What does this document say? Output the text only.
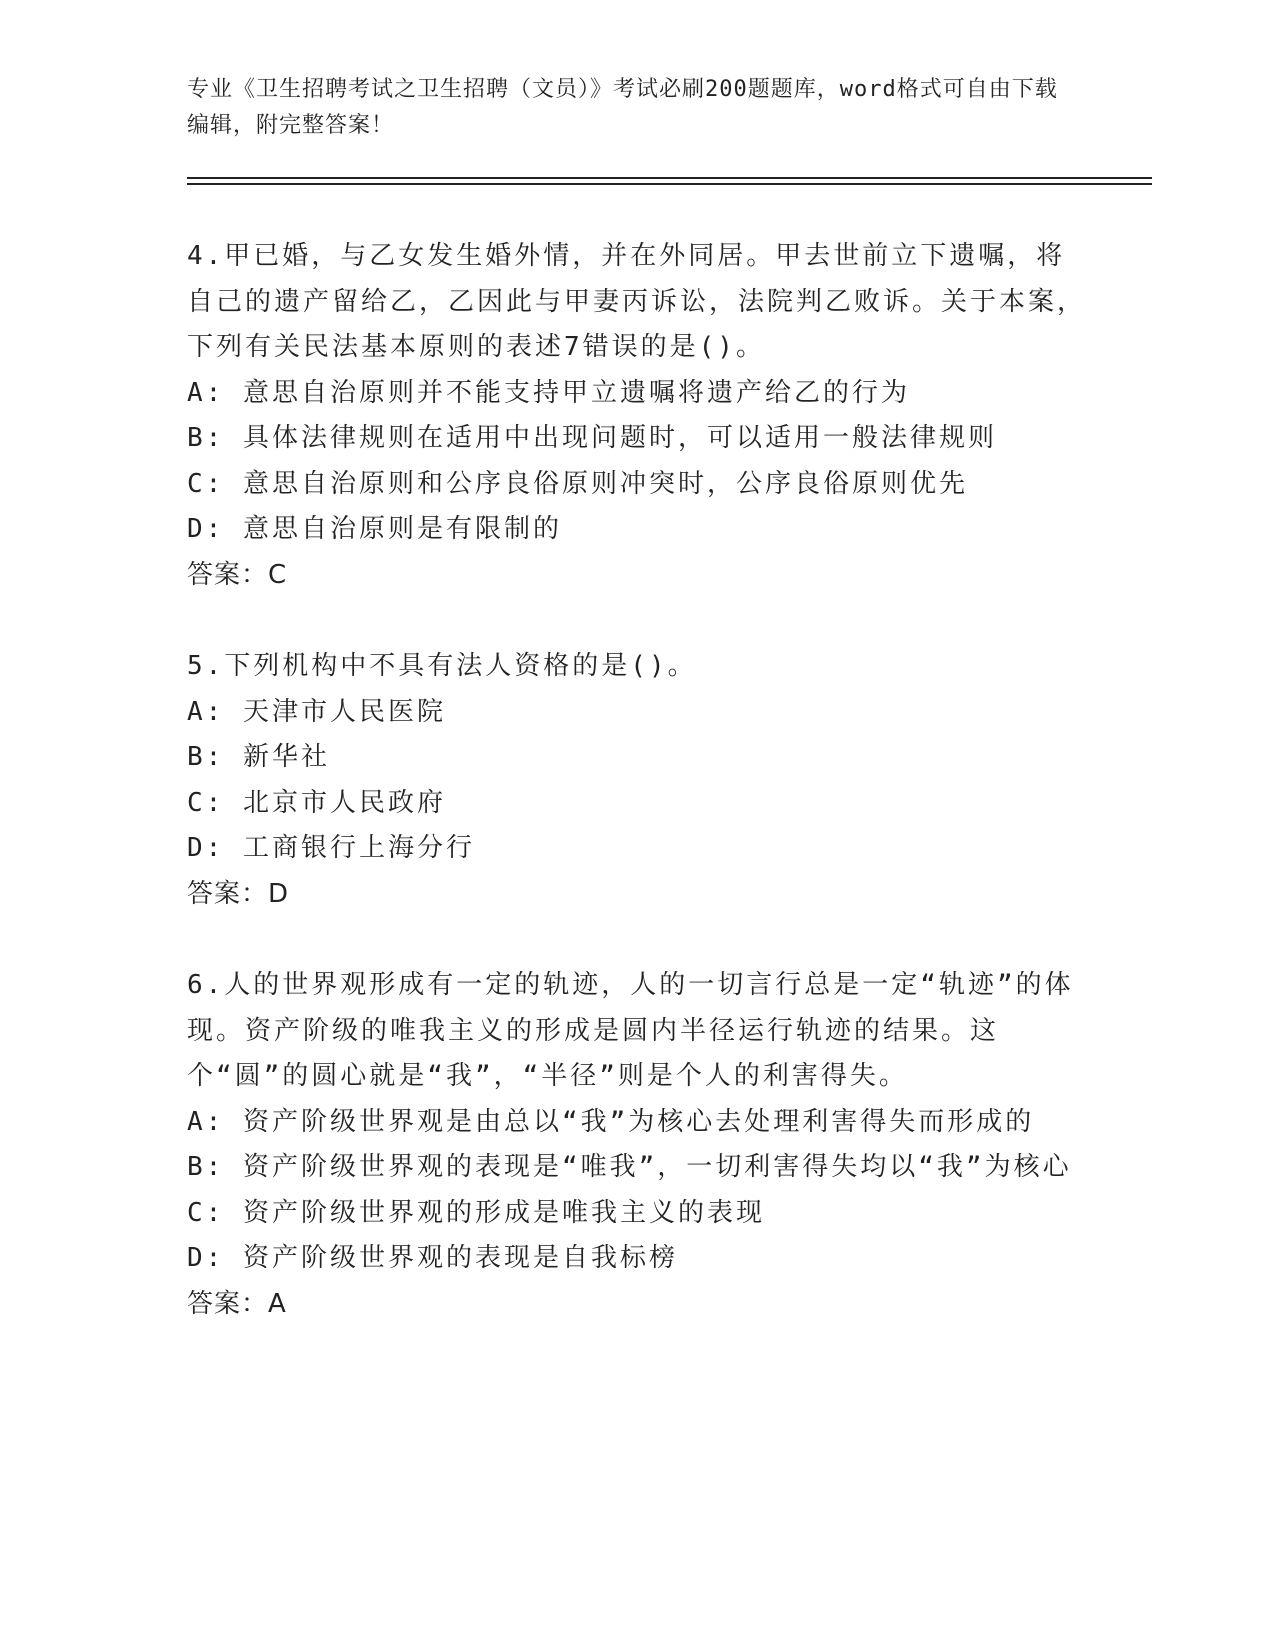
专业《卫生招聘考试之卫生招聘（文员）》考试必刷200题题库，word格式可自由下载编辑，附完整答案！
4.甲已婚，与乙女发生婚外情，并在外同居。甲去世前立下遗嘱，将自己的遗产留给乙，乙因此与甲妻丙诉讼，法院判乙败诉。关于本案，下列有关民法基本原则的表述7错误的是()。
A: 意思自治原则并不能支持甲立遗嘱将遗产给乙的行为
B: 具体法律规则在适用中出现问题时，可以适用一般法律规则
C: 意思自治原则和公序良俗原则冲突时，公序良俗原则优先
D: 意思自治原则是有限制的
答案：C
5.下列机构中不具有法人资格的是()。
A: 天津市人民医院
B: 新华社
C: 北京市人民政府
D: 工商银行上海分行
答案：D
6.人的世界观形成有一定的轨迹，人的一切言行总是一定“轨迹”的体现。资产阶级的唯我主义的形成是圆内半径运行轨迹的结果。这个“圆”的圆心就是“我”，“半径”则是个人的利害得失。
A: 资产阶级世界观是由总以“我”为核心去处理利害得失而形成的
B: 资产阶级世界观的表现是“唯我”，一切利害得失均以“我”为核心
C: 资产阶级世界观的形成是唯我主义的表现
D: 资产阶级世界观的表现是自我标榜
答案：A
